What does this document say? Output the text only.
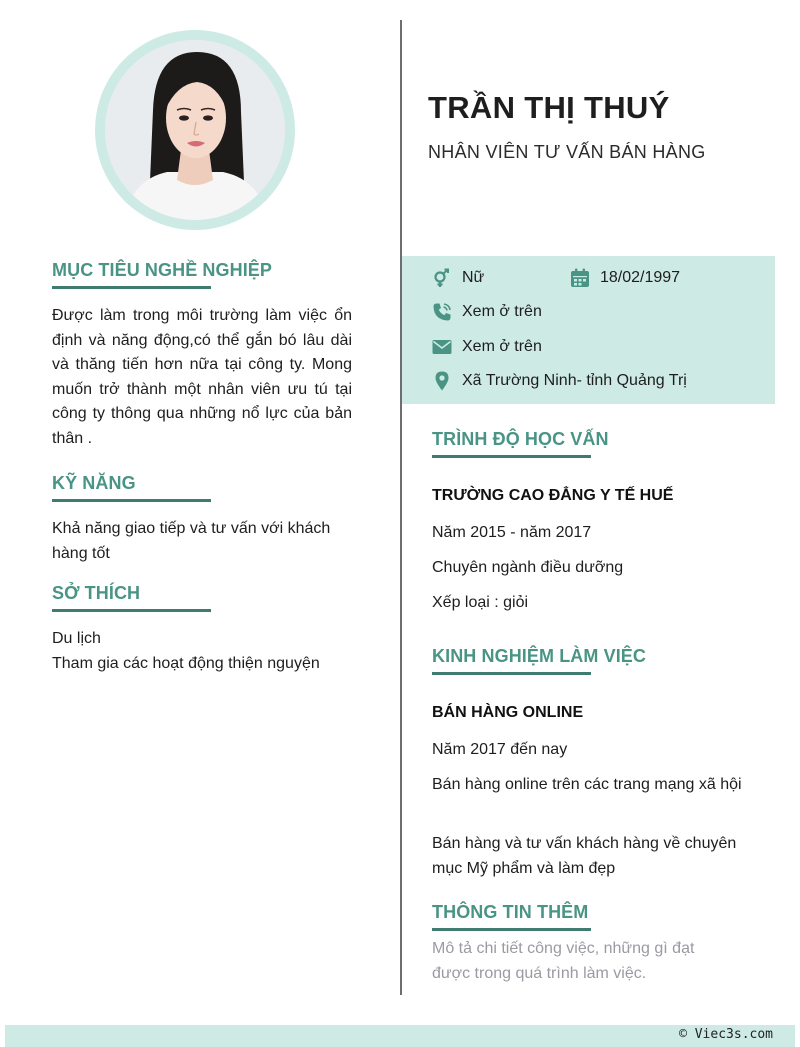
MỤC TIÊU NGHỀ NGHIỆP
Được làm trong môi trường làm việc ổn định và năng động,có thể gắn bó lâu dài và thăng tiến hơn nữa tại công ty. Mong muốn trở thành một nhân viên ưu tú tại công ty thông qua những nổ lực của bản thân .
KỸ NĂNG
Khả năng giao tiếp và tư vấn với khách hàng tốt
SỞ THÍCH
Du lịch
Tham gia các hoạt động thiện nguyện
TRẦN THỊ THUÝ
NHÂN VIÊN TƯ VẤN BÁN HÀNG
Nữ	18/02/1997
Xem ở trên
Xem ở trên
Xã Trường Ninh- tỉnh Quảng Trị
TRÌNH ĐỘ HỌC VẤN
TRƯỜNG CAO ĐẲNG Y TẾ HUẾ
Năm 2015 - năm 2017
Chuyên ngành điều dưỡng
Xếp loại : giỏi
KINH NGHIỆM LÀM VIỆC
BÁN HÀNG ONLINE
Năm 2017 đến nay
Bán hàng online trên các trang mạng xã hội
Bán hàng và tư vấn khách hàng về chuyên mục Mỹ phẩm và làm đẹp
THÔNG TIN THÊM
Mô tả chi tiết công việc, những gì đạt được trong quá trình làm việc.
© Viec3s.com
